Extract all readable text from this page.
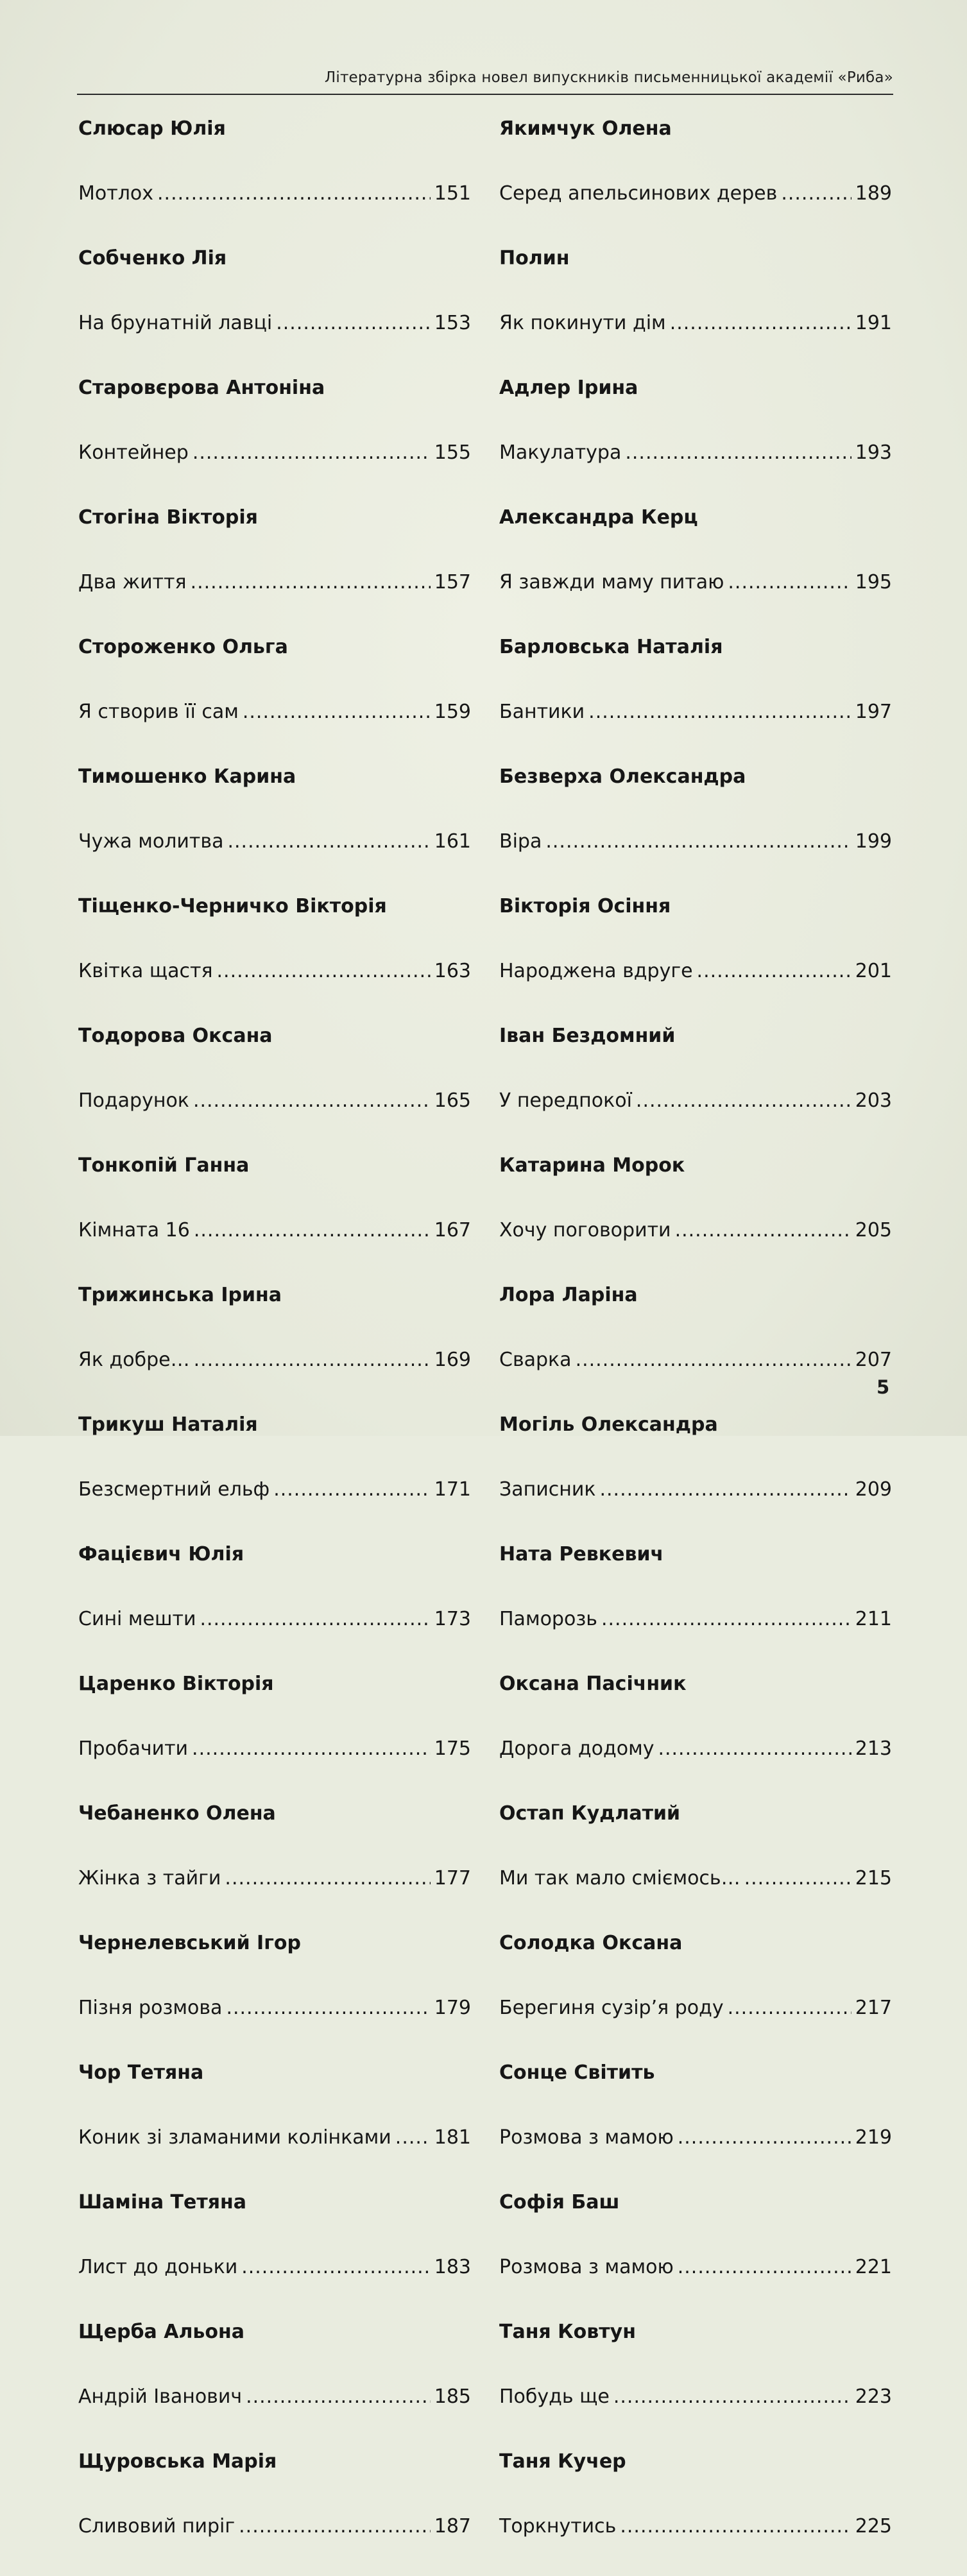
Літературна збірка новел випускників письменницької академії «Риба»
Слюсар Юлія
Мотлох .....	151
Собченко Лія
На брунатній лавці .....	153
Старовєрова Антоніна
Контейнер .....	155
Стогіна Вікторія
Два життя .....	157
Стороженко Ольга
Я створив її сам .....	159
Тимошенко Карина
Чужа молитва .....	161
Тіщенко-Черничко Вікторія
Квітка щастя .....	163
Тодорова Оксана
Подарунок .....	165
Тонкопій Ганна
Кімната 16 .....	167
Трижинська Ірина
Як добре… .....	169
Трикуш Наталія
Безсмертний ельф .....	171
Фацієвич Юлія
Сині мешти .....	173
Царенко Вікторія
Пробачити .....	175
Чебаненко Олена
Жінка з тайги .....	177
Чернелевський Ігор
Пізня розмова .....	179
Чор Тетяна
Коник зі зламаними колінками ..... 181
Шаміна Тетяна
Лист до доньки .....	183
Щерба Альона
Андрій Іванович .....	185
Щуровська Марія
Сливовий пиріг .....	187
Якимчук Олена
Серед апельсинових дерев .....	189
Полин
Як покинути дім .....	191
Адлер Ірина
Макулатура .....	193
Александра Керц
Я завжди маму питаю .....	195
Барловська Наталія
Бантики .....	197
Безверха Олександра
Віра .....	199
Вікторія Осіння
Народжена вдруге .....	201
Іван Бездомний
У передпокої .....	203
Катарина Морок
Хочу поговорити .....	205
Лора Ларіна
Сварка .....	207
Могіль Олександра
Записник .....	209
Ната Ревкевич
Паморозь .....	211
Оксана Пасічник
Дорога додому .....	213
Остап Кудлатий
Ми так мало сміємось… .....	215
Солодка Оксана
Берегиня сузір’я роду .....	217
Сонце Світить
Розмова з мамою .....	219
Софія Баш
Розмова з мамою .....	221
Таня Ковтун
Побудь ще .....	223
Таня Кучер
Торкнутись .....	225
5
